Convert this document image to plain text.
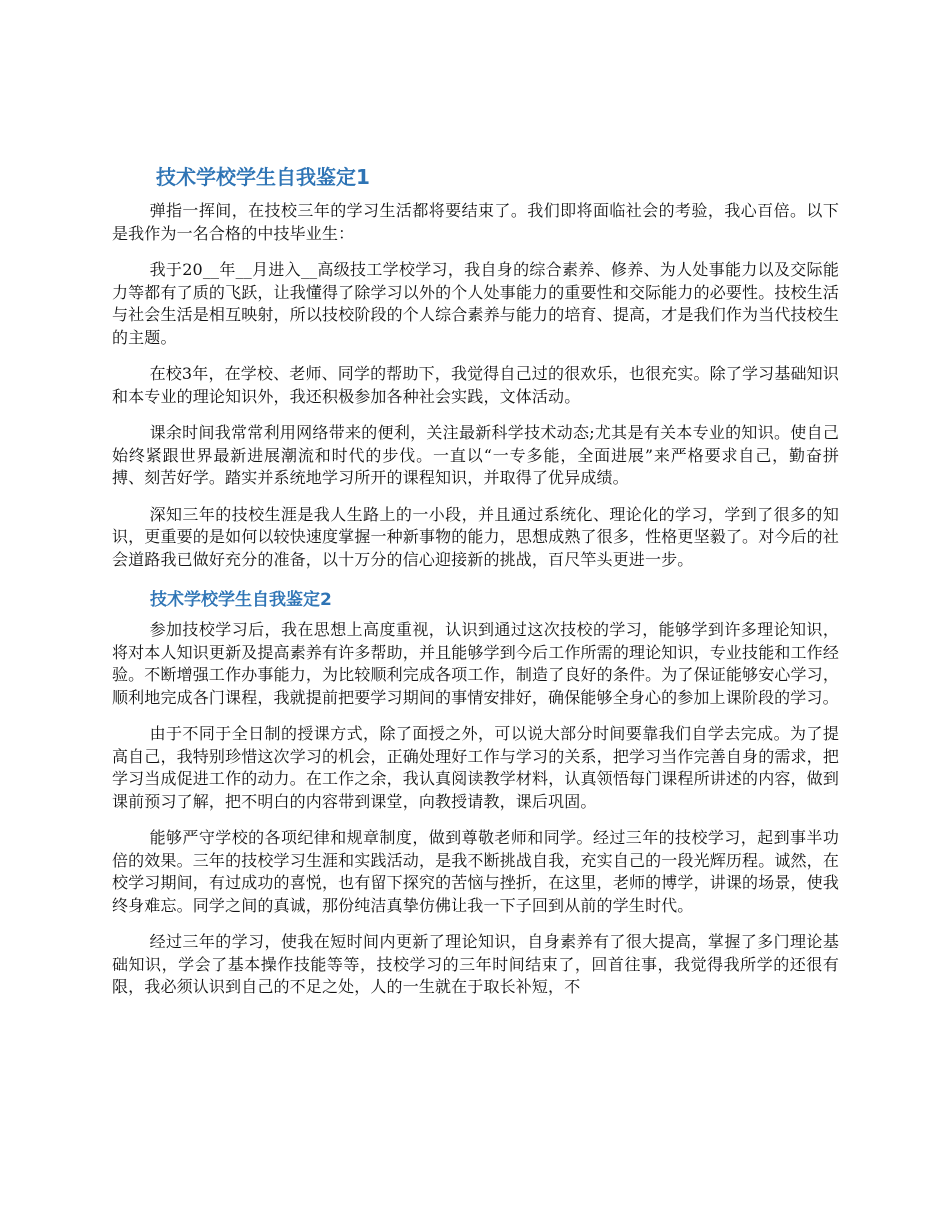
技术学校学生自我鉴定1

弹指一挥间，在技校三年的学习生活都将要结束了。我们即将面临社会的考验，我心百倍。以下是我作为一名合格的中技毕业生：

我于20__年__月进入__高级技工学校学习，我自身的综合素养、修养、为人处事能力以及交际能力等都有了质的飞跃，让我懂得了除学习以外的个人处事能力的重要性和交际能力的必要性。技校生活与社会生活是相互映射，所以技校阶段的个人综合素养与能力的培育、提高，才是我们作为当代技校生的主题。

在校3年，在学校、老师、同学的帮助下，我觉得自己过的很欢乐，也很充实。除了学习基础知识和本专业的理论知识外，我还积极参加各种社会实践，文体活动。

课余时间我常常利用网络带来的便利，关注最新科学技术动态;尤其是有关本专业的知识。使自己始终紧跟世界最新进展潮流和时代的步伐。一直以“一专多能，全面进展”来严格要求自己，勤奋拼搏、刻苦好学。踏实并系统地学习所开的课程知识，并取得了优异成绩。

深知三年的技校生涯是我人生路上的一小段，并且通过系统化、理论化的学习，学到了很多的知识，更重要的是如何以较快速度掌握一种新事物的能力，思想成熟了很多，性格更坚毅了。对今后的社会道路我已做好充分的准备，以十万分的信心迎接新的挑战，百尺竿头更进一步。

技术学校学生自我鉴定2

参加技校学习后，我在思想上高度重视，认识到通过这次技校的学习，能够学到许多理论知识，将对本人知识更新及提高素养有许多帮助，并且能够学到今后工作所需的理论知识，专业技能和工作经验。不断增强工作办事能力，为比较顺利完成各项工作，制造了良好的条件。为了保证能够安心学习，顺利地完成各门课程，我就提前把要学习期间的事情安排好，确保能够全身心的参加上课阶段的学习。

由于不同于全日制的授课方式，除了面授之外，可以说大部分时间要靠我们自学去完成。为了提高自己，我特别珍惜这次学习的机会，正确处理好工作与学习的关系，把学习当作完善自身的需求，把学习当成促进工作的动力。在工作之余，我认真阅读教学材料，认真领悟每门课程所讲述的内容，做到课前预习了解，把不明白的内容带到课堂，向教授请教，课后巩固。

能够严守学校的各项纪律和规章制度，做到尊敬老师和同学。经过三年的技校学习，起到事半功倍的效果。三年的技校学习生涯和实践活动，是我不断挑战自我，充实自己的一段光辉历程。诚然，在校学习期间，有过成功的喜悦，也有留下探究的苦恼与挫折，在这里，老师的博学，讲课的场景，使我终身难忘。同学之间的真诚，那份纯洁真挚仿佛让我一下子回到从前的学生时代。

经过三年的学习，使我在短时间内更新了理论知识，自身素养有了很大提高，掌握了多门理论基础知识，学会了基本操作技能等等，技校学习的三年时间结束了，回首往事，我觉得我所学的还很有限，我必须认识到自己的不足之处，人的一生就在于取长补短，不
